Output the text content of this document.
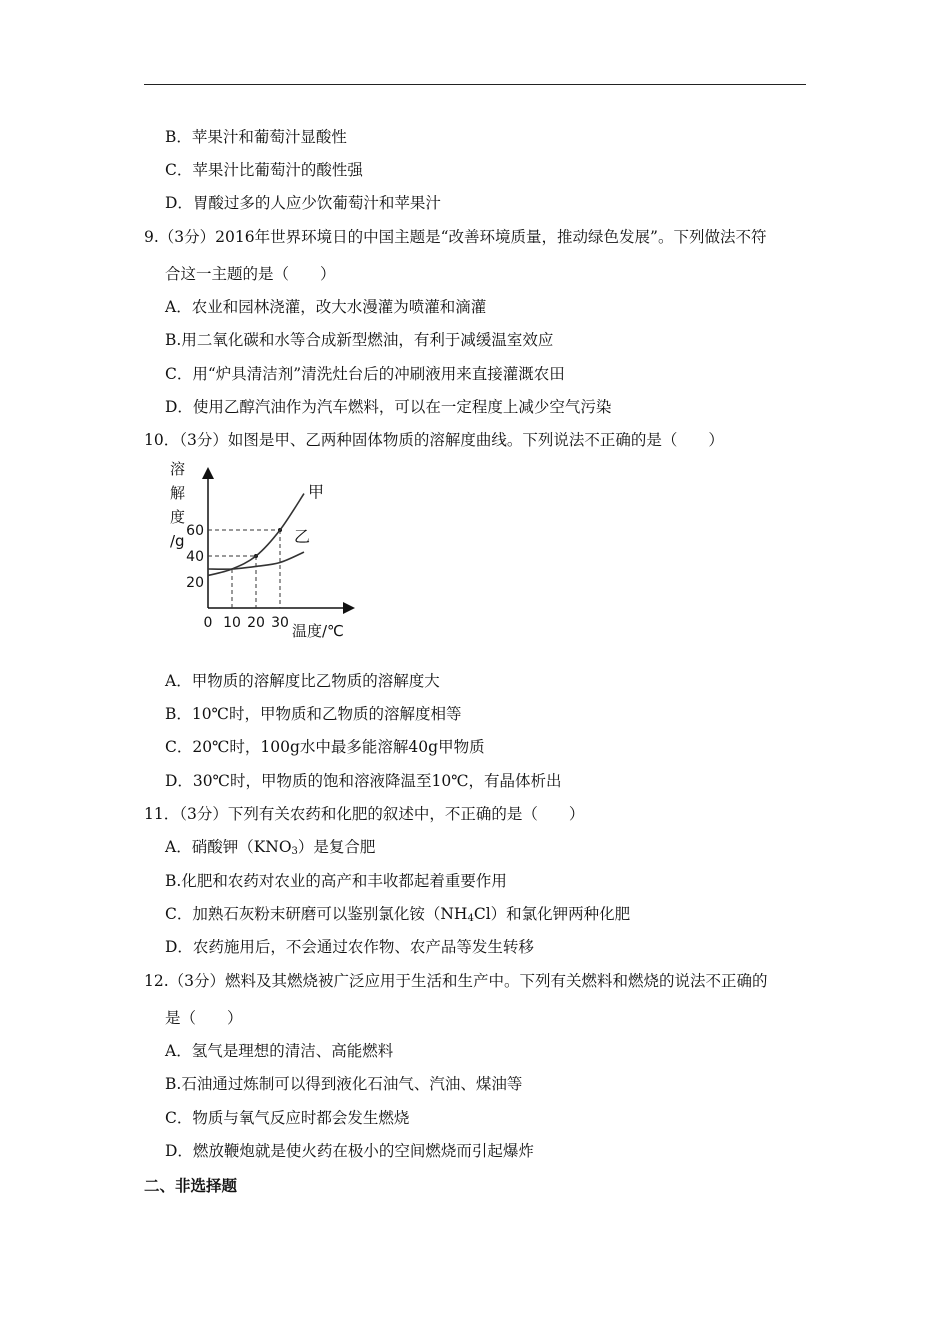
B．苹果汁和葡萄汁显酸性
C．苹果汁比葡萄汁的酸性强
D．胃酸过多的人应少饮葡萄汁和苹果汁
9.（3分）2016年世界环境日的中国主题是“改善环境质量，推动绿色发展”。下列做法不符
合这一主题的是（　　）
A．农业和园林浇灌，改大水漫灌为喷灌和滴灌
B.用二氧化碳和水等合成新型燃油，有利于减缓温室效应
C．用“炉具清洁剂”清洗灶台后的冲刷液用来直接灌溉农田
D．使用乙醇汽油作为汽车燃料，可以在一定程度上减少空气污染
10．（3分）如图是甲、乙两种固体物质的溶解度曲线。下列说法不正确的是（　　）
溶
解
度
/g
甲
乙
20
40
60
10 20 30
0	温度/℃
A．甲物质的溶解度比乙物质的溶解度大
B．10℃时，甲物质和乙物质的溶解度相等
C．20℃时，100g水中最多能溶解40g甲物质
D．30℃时，甲物质的饱和溶液降温至10℃，有晶体析出
11．（3分）下列有关农药和化肥的叙述中，不正确的是（　　）
A．硝酸钾$(KNO_3)$是复合肥
B.化肥和农药对农业的高产和丰收都起着重要作用
C．加熟石灰粉末研磨可以鉴别氯化铵$(NH_4Cl)$和氯化钾两种化肥
D．农药施用后，不会通过农作物、农产品等发生转移
12.（3分）燃料及其燃烧被广泛应用于生活和生产中。下列有关燃料和燃烧的说法不正确的
是（　　）
A．氢气是理想的清洁、高能燃料
B.石油通过炼制可以得到液化石油气、汽油、煤油等
C．物质与氧气反应时都会发生燃烧
D．燃放鞭炮就是使火药在极小的空间燃烧而引起爆炸
二、非选择题
